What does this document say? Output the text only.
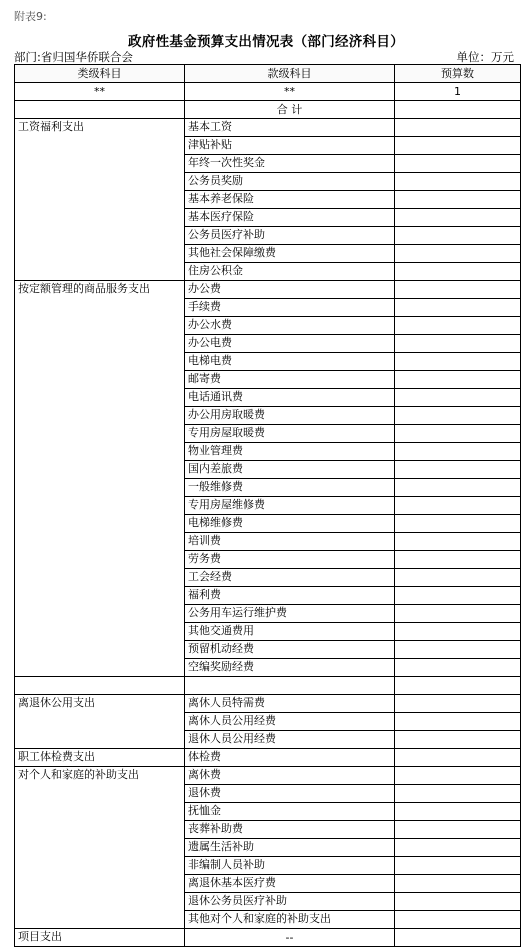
附表9:
政府性基金预算支出情况表（部门经济科目）
部门:省归国华侨联合会	单位：万元
类级科目	款级科目	预算数
**	**	1
	合 计	
工资福利支出	基本工资	
	津贴补贴	
	年终一次性奖金	
	公务员奖励	
	基本养老保险	
	基本医疗保险	
	公务员医疗补助	
	其他社会保障缴费	
	住房公积金	
按定额管理的商品服务支出	办公费	
	手续费	
	办公水费	
	办公电费	
	电梯电费	
	邮寄费	
	电话通讯费	
	办公用房取暖费	
	专用房屋取暖费	
	物业管理费	
	国内差旅费	
	一般维修费	
	专用房屋维修费	
	电梯维修费	
	培训费	
	劳务费	
	工会经费	
	福利费	
	公务用车运行维护费	
	其他交通费用	
	预留机动经费	
	空编奖励经费	

离退休公用支出	离休人员特需费	
	离休人员公用经费	
	退休人员公用经费	
职工体检费支出	体检费	
对个人和家庭的补助支出	离休费	
	退休费	
	抚恤金	
	丧葬补助费	
	遗属生活补助	
	非编制人员补助	
	离退休基本医疗费	
	退休公务员医疗补助	
	其他对个人和家庭的补助支出	
项目支出	--	
